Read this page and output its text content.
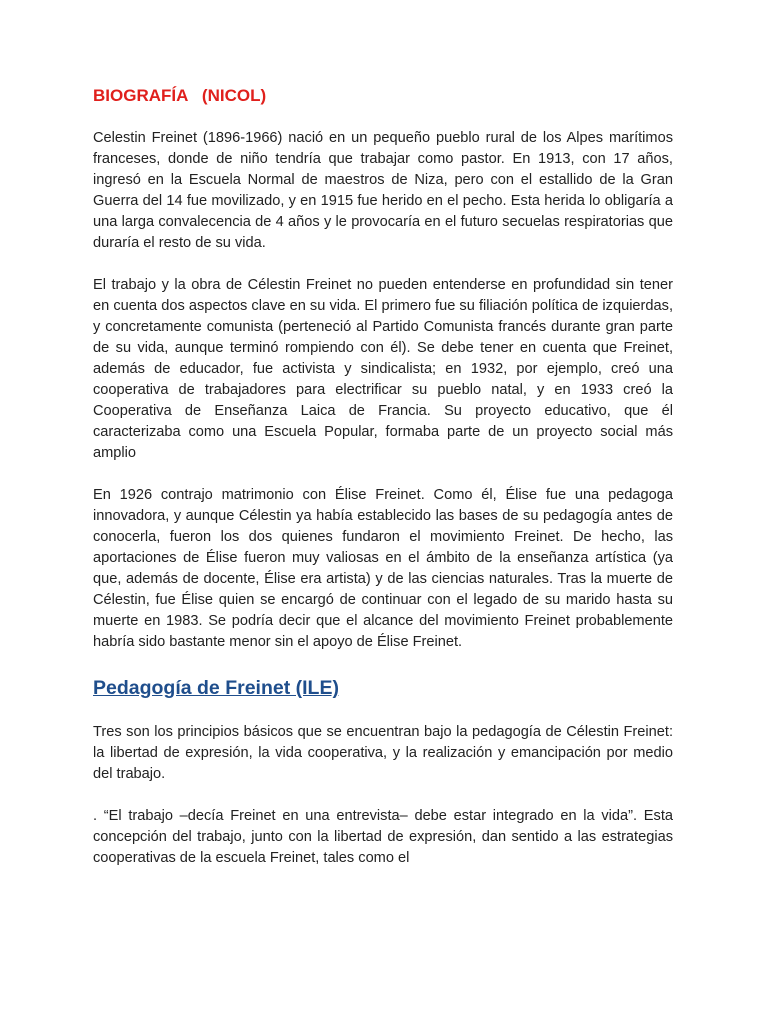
BIOGRAFÍA   (NICOL)

Celestin Freinet (1896-1966) nació en un pequeño pueblo rural de los Alpes marítimos franceses, donde de niño tendría que trabajar como pastor. En 1913, con 17 años, ingresó en la Escuela Normal de maestros de Niza, pero con el estallido de la Gran Guerra del 14 fue movilizado, y en 1915 fue herido en el pecho. Esta herida lo obligaría a una larga convalecencia de 4 años y le provocaría en el futuro secuelas respiratorias que duraría el resto de su vida.

El trabajo y la obra de Célestin Freinet no pueden entenderse en profundidad sin tener en cuenta dos aspectos clave en su vida. El primero fue su filiación política de izquierdas, y concretamente comunista (perteneció al Partido Comunista francés durante gran parte de su vida, aunque terminó rompiendo con él). Se debe tener en cuenta que Freinet, además de educador, fue activista y sindicalista; en 1932, por ejemplo, creó una cooperativa de trabajadores para electrificar su pueblo natal, y en 1933 creó la Cooperativa de Enseñanza Laica de Francia. Su proyecto educativo, que él caracterizaba como una Escuela Popular, formaba parte de un proyecto social más amplio

En 1926 contrajo matrimonio con Élise Freinet. Como él, Élise fue una pedagoga innovadora, y aunque Célestin ya había establecido las bases de su pedagogía antes de conocerla, fueron los dos quienes fundaron el movimiento Freinet. De hecho, las aportaciones de Élise fueron muy valiosas en el ámbito de la enseñanza artística (ya que, además de docente, Élise era artista) y de las ciencias naturales. Tras la muerte de Célestin, fue Élise quien se encargó de continuar con el legado de su marido hasta su muerte en 1983. Se podría decir que el alcance del movimiento Freinet probablemente habría sido bastante menor sin el apoyo de Élise Freinet.

Pedagogía de Freinet (ILE)

Tres son los principios básicos que se encuentran bajo la pedagogía de Célestin Freinet: la libertad de expresión, la vida cooperativa, y la realización y emancipación por medio del trabajo.

. “El trabajo –decía Freinet en una entrevista– debe estar integrado en la vida”. Esta concepción del trabajo, junto con la libertad de expresión, dan sentido a las estrategias cooperativas de la escuela Freinet, tales como el
